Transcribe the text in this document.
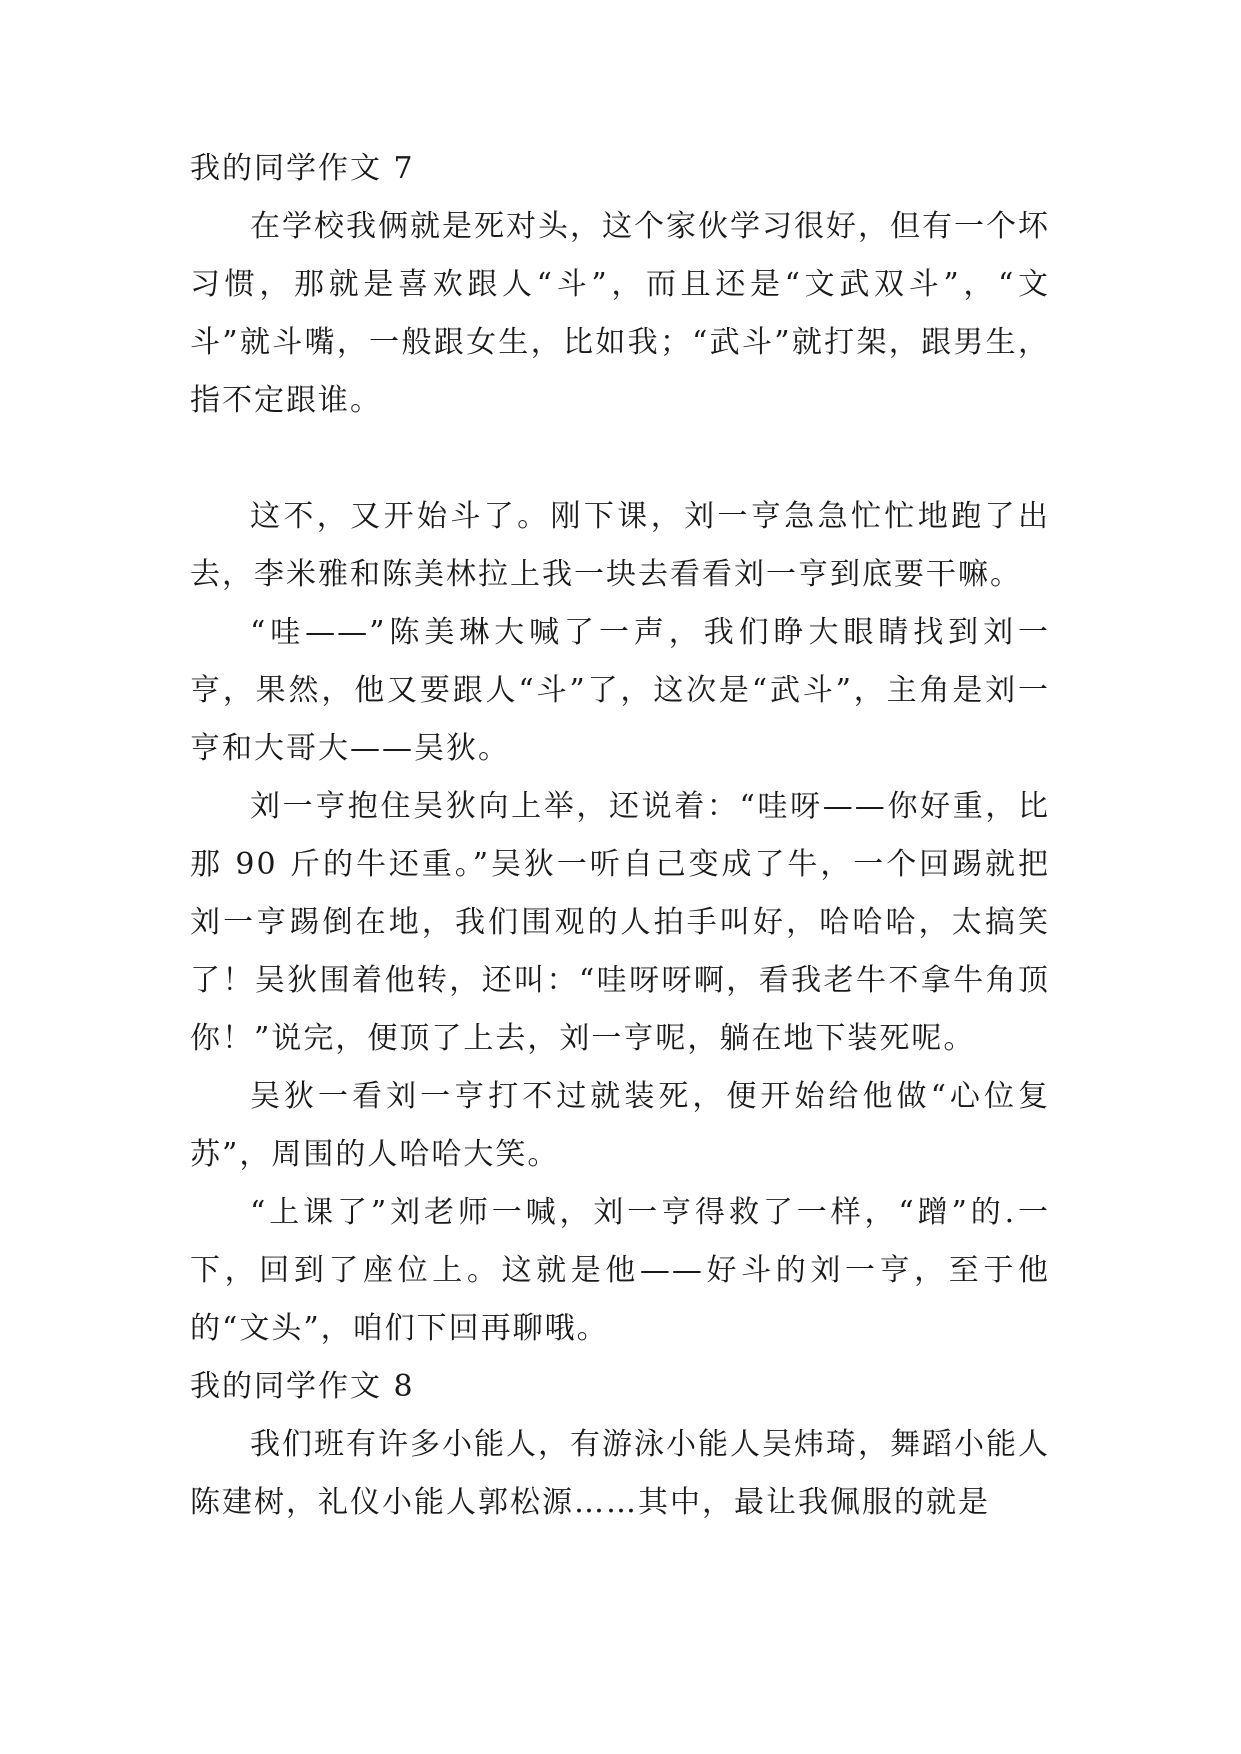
我的同学作文 7

在学校我俩就是死对头，这个家伙学习很好，但有一个坏习惯，那就是喜欢跟人“斗”，而且还是“文武双斗”，“文斗”就斗嘴，一般跟女生，比如我；“武斗”就打架，跟男生，指不定跟谁。

这不，又开始斗了。刚下课，刘一亨急急忙忙地跑了出去，李米雅和陈美林拉上我一块去看看刘一亨到底要干嘛。

“哇——”陈美琳大喊了一声，我们睁大眼睛找到刘一亨，果然，他又要跟人“斗”了，这次是“武斗”，主角是刘一亨和大哥大——吴狄。

刘一亨抱住吴狄向上举，还说着：“哇呀——你好重，比那 90 斤的牛还重。”吴狄一听自己变成了牛，一个回踢就把刘一亨踢倒在地，我们围观的人拍手叫好，哈哈哈，太搞笑了！吴狄围着他转，还叫：“哇呀呀啊，看我老牛不拿牛角顶你！”说完，便顶了上去，刘一亨呢，躺在地下装死呢。

吴狄一看刘一亨打不过就装死，便开始给他做“心位复苏”，周围的人哈哈大笑。

“上课了”刘老师一喊，刘一亨得救了一样，“蹭”的.一下，回到了座位上。这就是他——好斗的刘一亨，至于他的“文头”，咱们下回再聊哦。

我的同学作文 8

我们班有许多小能人，有游泳小能人吴炜琦，舞蹈小能人陈建树，礼仪小能人郭松源……其中，最让我佩服的就是
